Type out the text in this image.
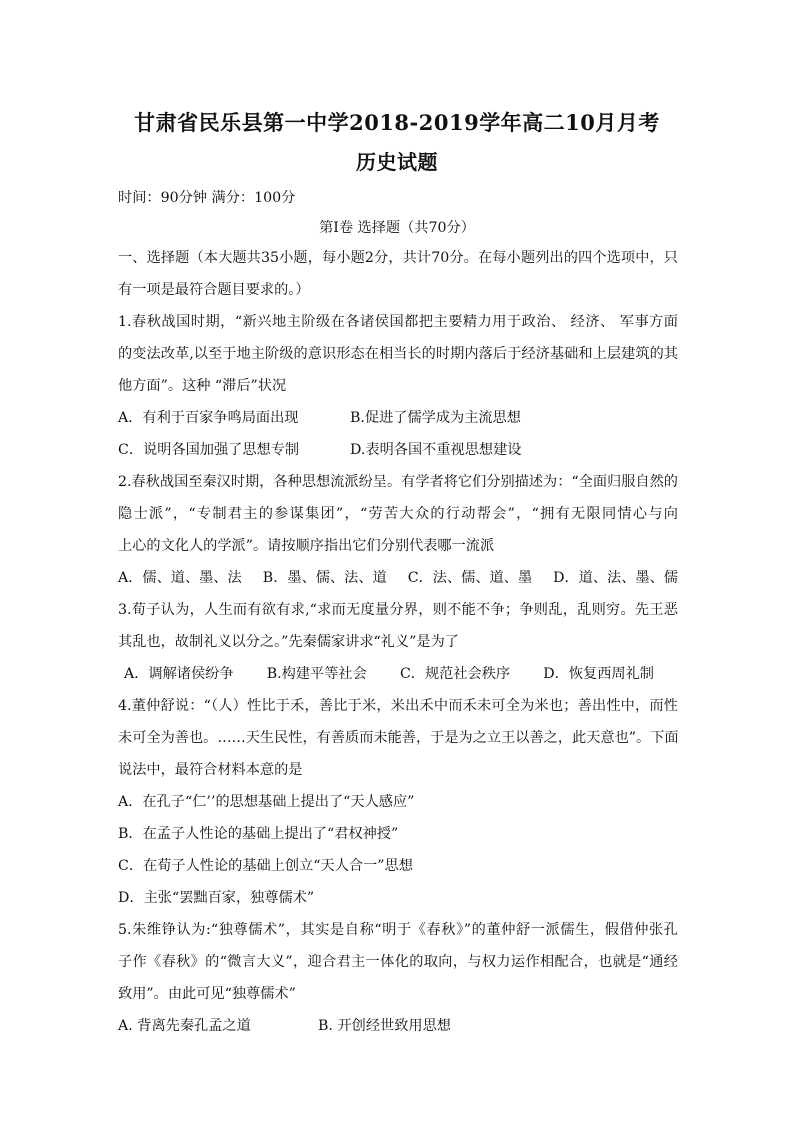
甘肃省民乐县第一中学2018-2019学年高二10月月考
历史试题
时间：90分钟 满分：100分
第Ⅰ卷 选择题（共70分）
一、选择题（本大题共35小题，每小题2分，共计70分。在每小题列出的四个选项中，只
有一项是最符合题目要求的。）
1.春秋战国时期，“新兴地主阶级在各诸侯国都把主要精力用于政治、 经济、 军事方面
的变法改革,以至于地主阶级的意识形态在相当长的时期内落后于经济基础和上层建筑的其
他方面”。这种 “滞后”状况
A．有利于百家争鸣局面出现	B.促进了儒学成为主流思想
C．说明各国加强了思想专制	D.表明各国不重视思想建设
2.春秋战国至秦汉时期，各种思想流派纷呈。有学者将它们分别描述为：“全面归服自然的
隐士派”，“专制君主的参谋集团”，“劳苦大众的行动帮会”，“拥有无限同情心与向
上心的文化人的学派”。请按顺序指出它们分别代表哪一流派
A．儒、道、墨、法 B．墨、儒、法、道 C．法、儒、道、墨 D．道、法、墨、儒
3.荀子认为，人生而有欲有求,“求而无度量分界，则不能不争；争则乱，乱则穷。先王恶
其乱也，故制礼义以分之。”先秦儒家讲求“礼义”是为了
A．调解诸侯纷争 B.构建平等社会 C．规范社会秩序 D．恢复西周礼制
4.董仲舒说：“（人）性比于禾，善比于米，米出禾中而禾未可全为米也；善出性中，而性
未可全为善也。……天生民性，有善质而未能善，于是为之立王以善之，此天意也”。下面
说法中，最符合材料本意的是
A．在孔子“仁’’的思想基础上提出了“天人感应”
B．在孟子人性论的基础上提出了“君权神授”
C．在荀子人性论的基础上创立“天人合一”思想
D．主张“罢黜百家，独尊儒术”
5.朱维铮认为:“独尊儒术”，其实是自称“明于《春秋》”的董仲舒一派儒生，假借仲张孔
子作《春秋》的“微言大义”，迎合君主一体化的取向，与权力运作相配合，也就是“通经
致用”。由此可见“独尊儒术”
A. 背离先秦孔孟之道	B. 开创经世致用思想
